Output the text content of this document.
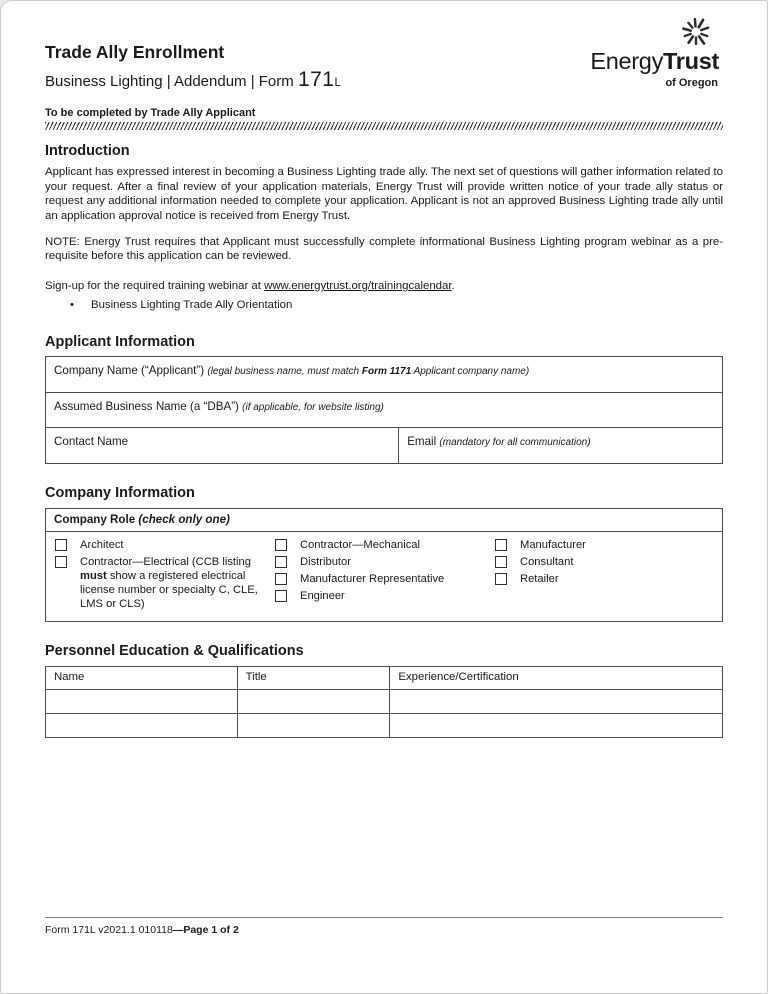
Trade Ally Enrollment
Business Lighting | Addendum | Form 171L
EnergyTrust
of Oregon
To be completed by Trade Ally Applicant
Introduction

Applicant has expressed interest in becoming a Business Lighting trade ally. The next set of questions will gather information related to your request. After a final review of your application materials, Energy Trust will provide written notice of your trade ally status or request any additional information needed to complete your application. Applicant is not an approved Business Lighting trade ally until an application approval notice is received from Energy Trust.

NOTE: Energy Trust requires that Applicant must successfully complete informational Business Lighting program webinar as a pre-requisite before this application can be reviewed.

Sign-up for the required training webinar at www.energytrust.org/trainingcalendar.

•	Business Lighting Trade Ally Orientation
Applicant Information
Company Name (“Applicant”) (legal business name, must match Form 1171 Applicant company name)
Assumed Business Name (a “DBA”) (if applicable, for website listing)
Contact Name	Email (mandatory for all communication)
Company Information
Company Role (check only one)
Architect
Contractor—Electrical (CCB listing must show a registered electrical license number or specialty C, CLE, LMS or CLS)
Contractor—Mechanical
Distributor
Manufacturer Representative
Engineer
Manufacturer
Consultant
Retailer
Personnel Education & Qualifications
Name	Title	Experience/Certification
Form 171L v2021.1 010118—Page 1 of 2
